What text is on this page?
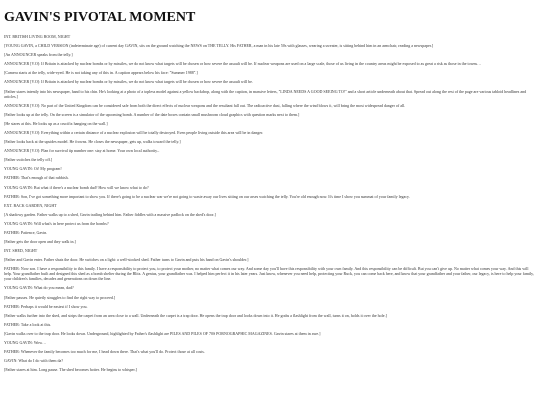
GAVIN'S PIVOTAL MOMENT
INT. BRITISH LIVING ROOM, NIGHT
[YOUNG GAVIN, a CHILD VERSION (indeterminate age) of current day GAVIN, sits on the ground watching the NEWS on THE TELLY. His FATHER, a man in his late 50s with glasses, wearing a sweater, is sitting behind him in an armchair, reading a newspaper.]
[An ANNOUNCER speaks from the telly.]
ANNOUNCER [V.O]: If Britain is attacked by nuclear bombs or by missiles, we do not know what targets will be chosen or how severe the assault will be. If nuclear weapons are used on a large scale, those of us living in the country areas might be exposed to as great a risk as those in the towns…
[Camera starts at the telly, wide-eyed. He is not taking any of this in. A caption appears below his face: "Summer 1988".]
ANNOUNCER [V.O]: If Britain is attacked by nuclear bombs or by missiles, we do not know what targets will be chosen or how severe the assault will be.
[Father stares intently into his newspaper, hand to his chin. He's looking at a photo of a topless model against a yellow backdrop, along with the caption, in massive letters, "LINDA NEEDS A GOOD SEEING TO!" and a short article underneath about that. Spread out along the rest of the page are various tabloid headlines and articles.]
ANNOUNCER [V.O]: No part of the United Kingdom can be considered safe from both the direct effects of nuclear weapons and the resultant fall out. The radioactive dust, falling where the wind blows it, will bring the most widespread danger of all.
[Father looks up at the telly. On the screen is a simulator of the upcoming bomb. A number of the date boxes contain small mushroom cloud graphics with question marks next to them.]
[He stares at this. He looks up as a crucifix hanging on the wall.]
ANNOUNCER [V.O]: Everything within a certain distance of a nuclear explosion will be totally destroyed. Even people living outside this area will be in danger.
[Father looks back at the upsides model. He frowns. He closes the newspaper, gets up, walks toward the telly.]
ANNOUNCER [V.O]: Plan for survival tip number one: stay at home. Your own local authority–
[Father switches the telly off.]
YOUNG GAVIN: Oi! My program!
FATHER: That's enough of that rubbish.
YOUNG GAVIN: But what if there's a nuclear bomb dad? How will we know what to do?
FATHER: Son, I've got something more important to show you. If there's going to be a nuclear war we're not going to waste away our lives sitting on our arses watching the telly. You're old enough now. It's time I show you summat of your family legacy.
EXT. BACK GARDEN, NIGHT
[A shadowy garden. Father walks up to a shed, Gavin trailing behind him. Father fiddles with a massive padlock on the shed's door.]
YOUNG GAVIN: Will what's in here protect us from the bombs?
FATHER: Patience, Gavin.
[Father gets the door open and they walk in.]
INT. SHED, NIGHT
[Father and Gavin enter. Father shuts the door. He switches on a light: a well-stocked shed. Father turns to Gavin and puts his hand on Gavin's shoulder.]
FATHER: Now son. I have a responsibility to this family. I have a responsibility to protect you, to protect your mother, no matter what comes our way. And some day you'll have this responsibility with your own family. And this responsibility can be difficult. But you can't give up. No matter what comes your way. And this will help. Your grandfather built and designed this shed as a bomb shelter during the Blitz. A genius, your grandfather was. I helped him perfect it in his later years. Just know, whenever you need help, protecting your Ruck, you can come back here, and know that your grandfather and your father, our legacy, is here to help your family, your children's families, decades and generations on down the line.
YOUNG GAVIN: What do you mean, dad?
[Father pauses. He quietly struggles to find the right way to proceed.]
FATHER: Perhaps it would be easiest if I show you.
[Father walks further into the shed, and strips the carpet from an area close to a wall. Underneath the carpet is a trap door. He opens the trap door and looks down into it. He grabs a flashlight from the wall, turns it on, holds it over the hole.]
FATHER: Take a look at this.
[Gavin walks over to the trap door. He looks down. Underground, highlighted by Father's flashlight are PILES AND PILES OF 70S PORNOGRAPHIC MAGAZINES. Gavin stares at them in awe.]
YOUNG GAVIN: Wow…
FATHER: Whenever the family becomes too much for me, I head down there. That's what you'll do. Protect those at all costs.
GAVIN: What do I do with them da?
[Father stares at him. Long pause. The shed becomes hotter. He begins to whisper.]
